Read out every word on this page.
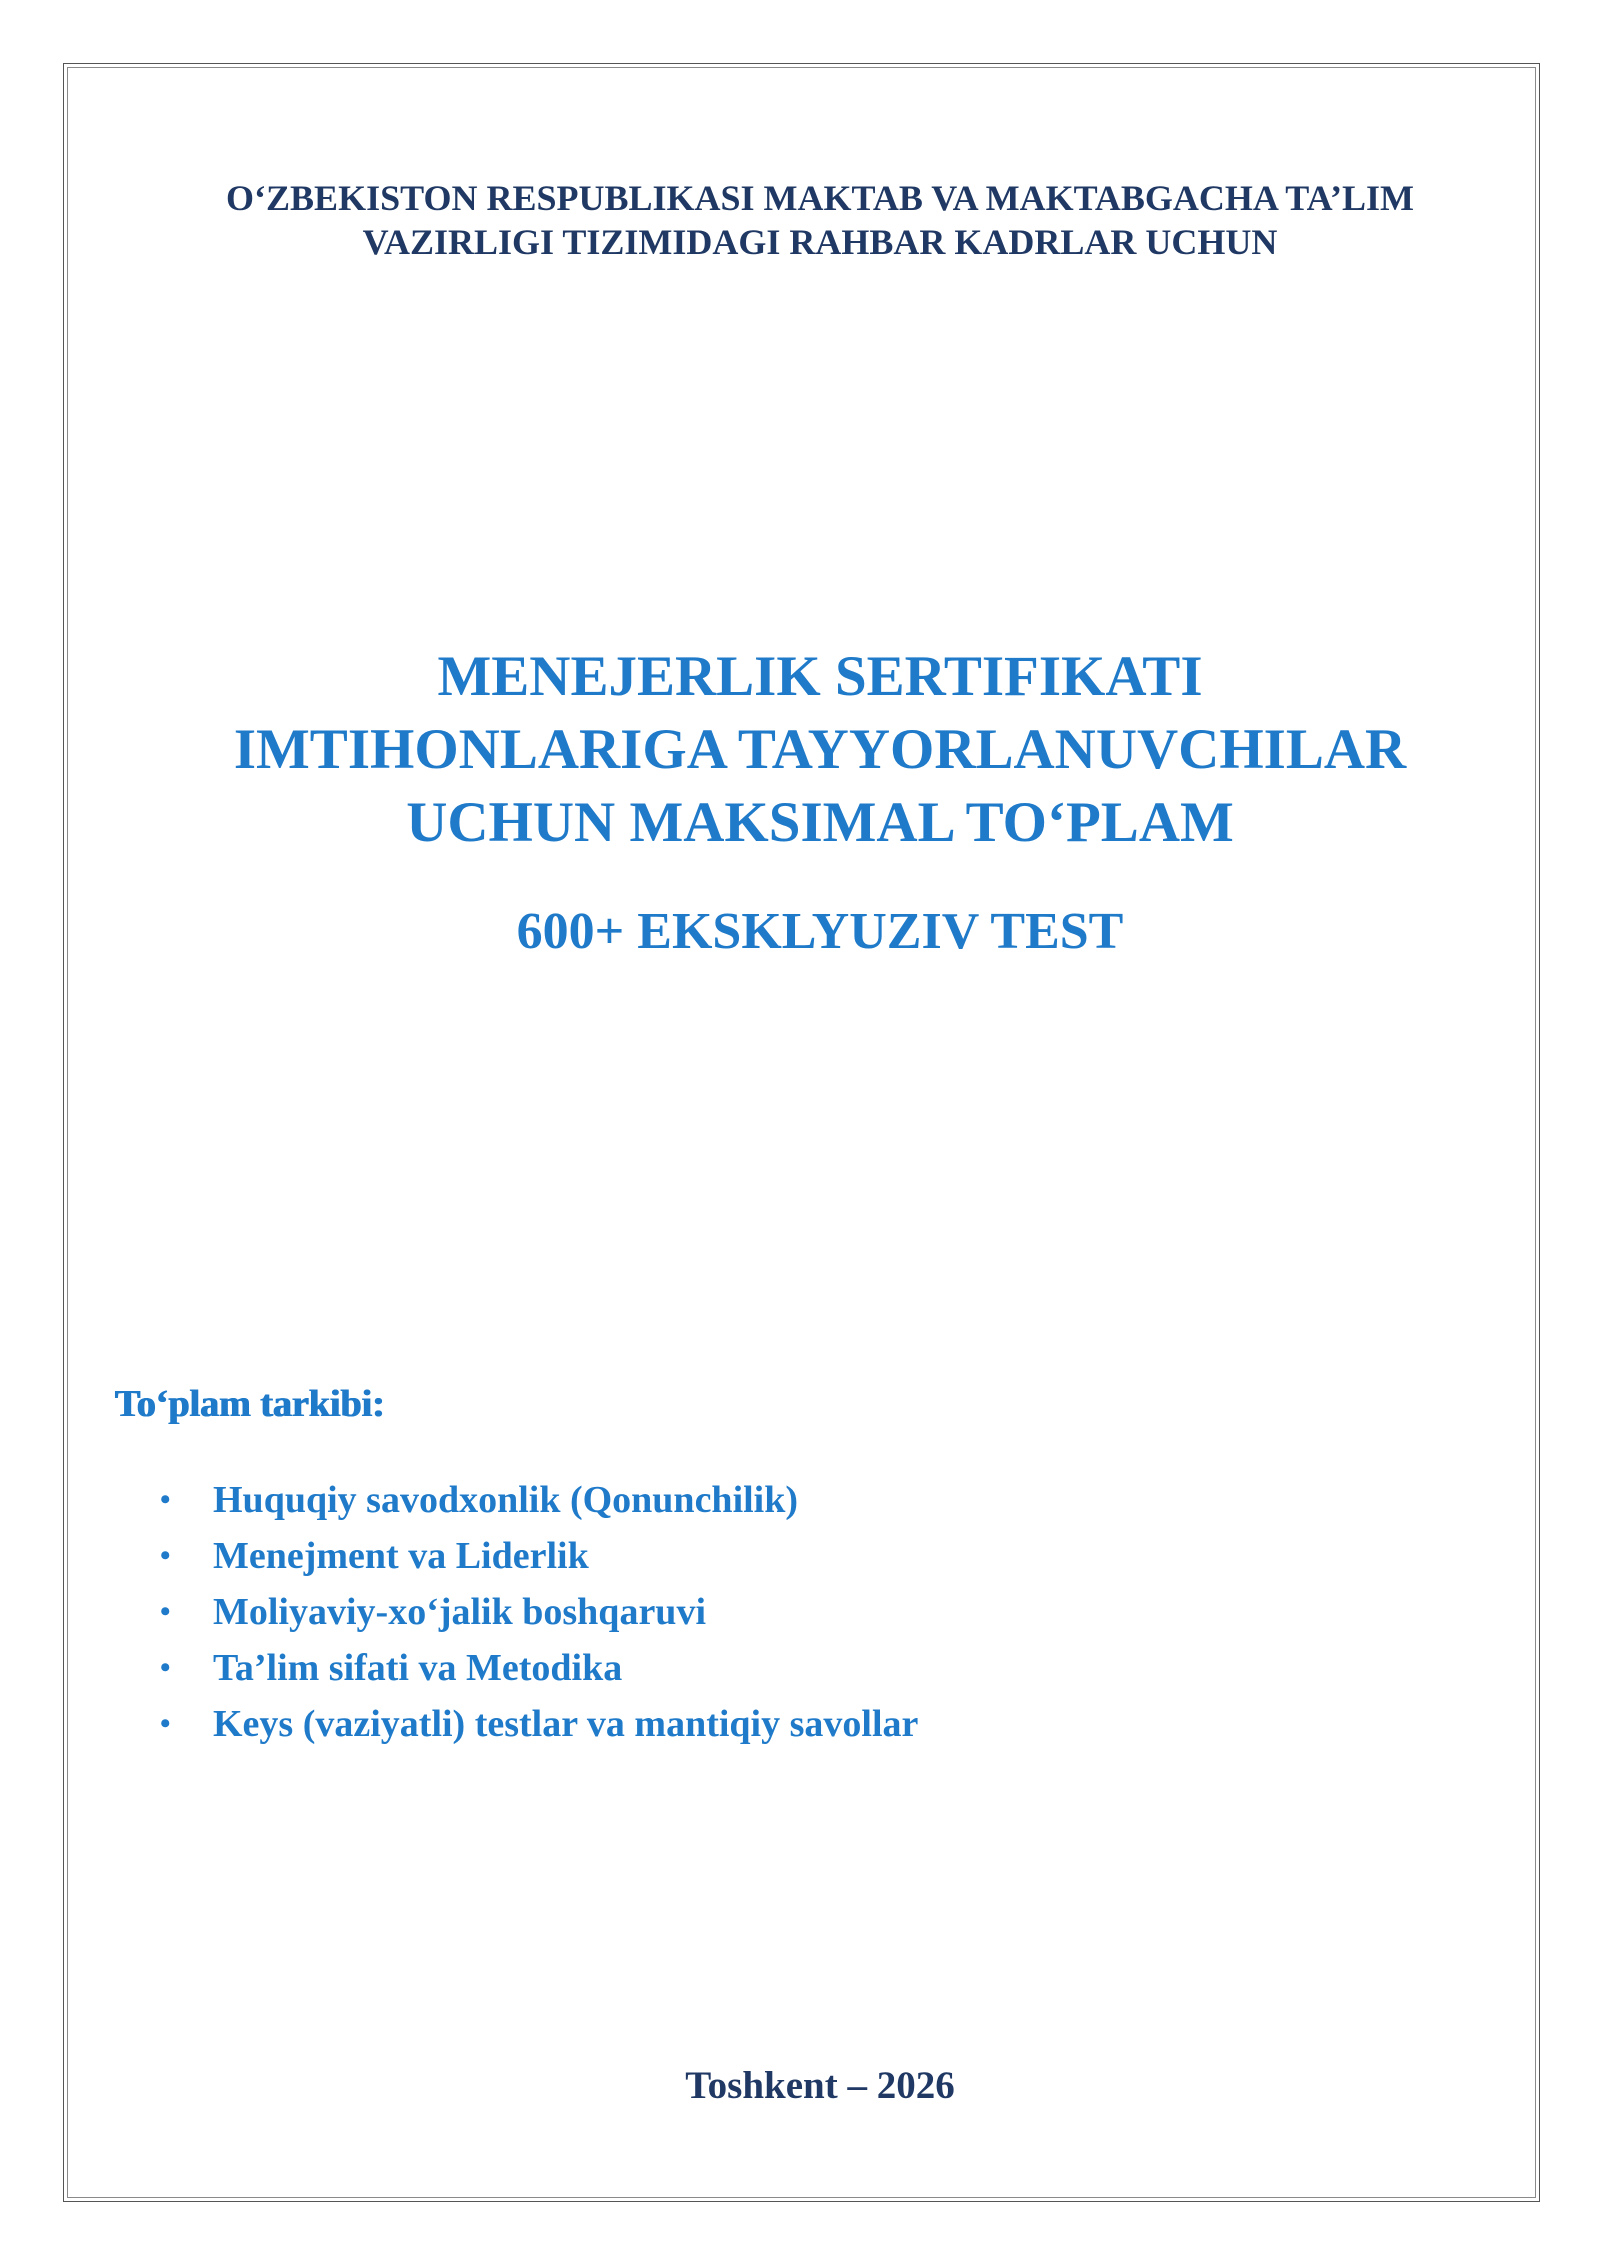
O‘ZBEKISTON RESPUBLIKASI MAKTAB VA MAKTABGACHA TA’LIM
VAZIRLIGI TIZIMIDAGI RAHBAR KADRLAR UCHUN
MENEJERLIK SERTIFIKATI
IMTIHONLARIGA TAYYORLANUVCHILAR
UCHUN MAKSIMAL TO‘PLAM
600+ EKSKLYUZIV TEST
To‘plam tarkibi:
• Huquqiy savodxonlik (Qonunchilik)
• Menejment va Liderlik
• Moliyaviy-xo‘jalik boshqaruvi
• Ta’lim sifati va Metodika
• Keys (vaziyatli) testlar va mantiqiy savollar
Toshkent – 2026
